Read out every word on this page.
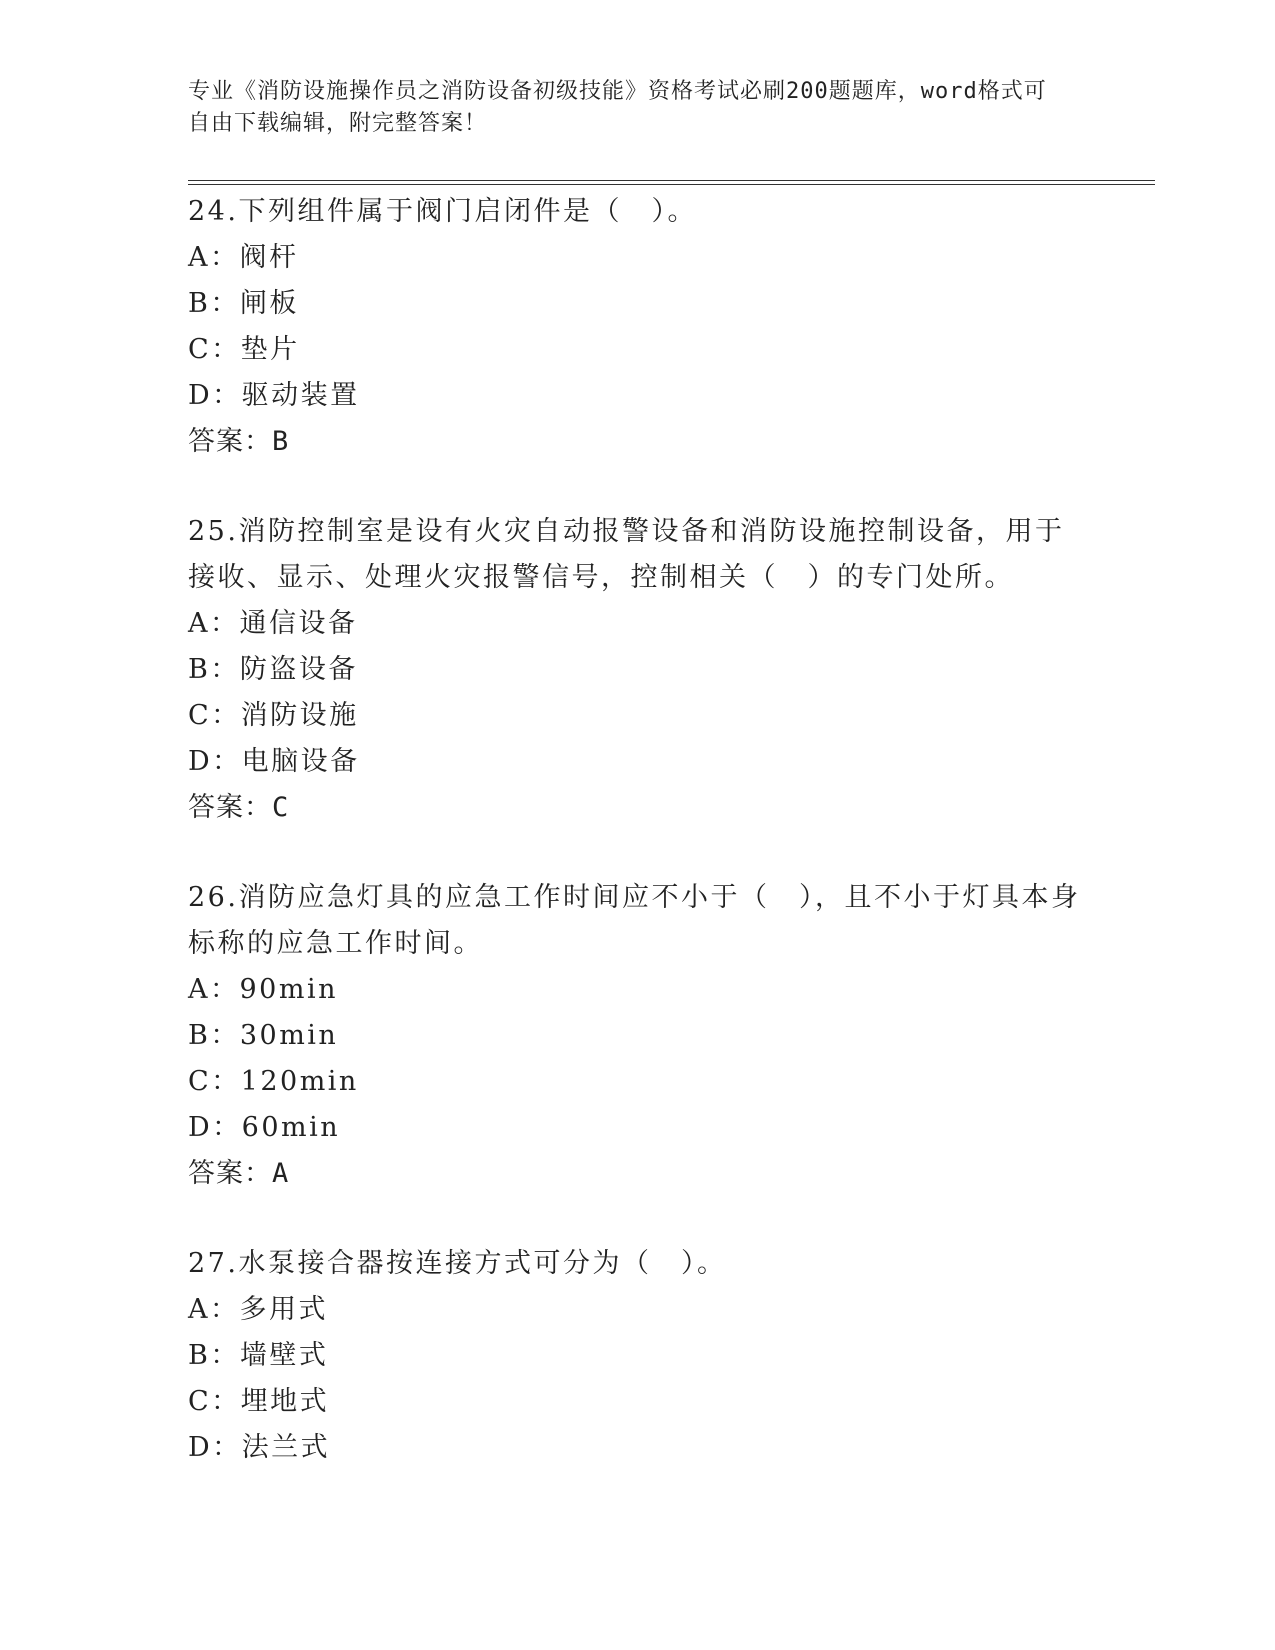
专业《消防设施操作员之消防设备初级技能》资格考试必刷200题题库，word格式可自由下载编辑，附完整答案！
24.下列组件属于阀门启闭件是（　）。
A：阀杆
B：闸板
C：垫片
D：驱动装置
答案：B
25.消防控制室是设有火灾自动报警设备和消防设施控制设备，用于接收、显示、处理火灾报警信号，控制相关（　）的专门处所。
A：通信设备
B：防盗设备
C：消防设施
D：电脑设备
答案：C
26.消防应急灯具的应急工作时间应不小于（　），且不小于灯具本身标称的应急工作时间。
A：90min
B：30min
C：120min
D：60min
答案：A
27.水泵接合器按连接方式可分为（　）。
A：多用式
B：墙壁式
C：埋地式
D：法兰式
